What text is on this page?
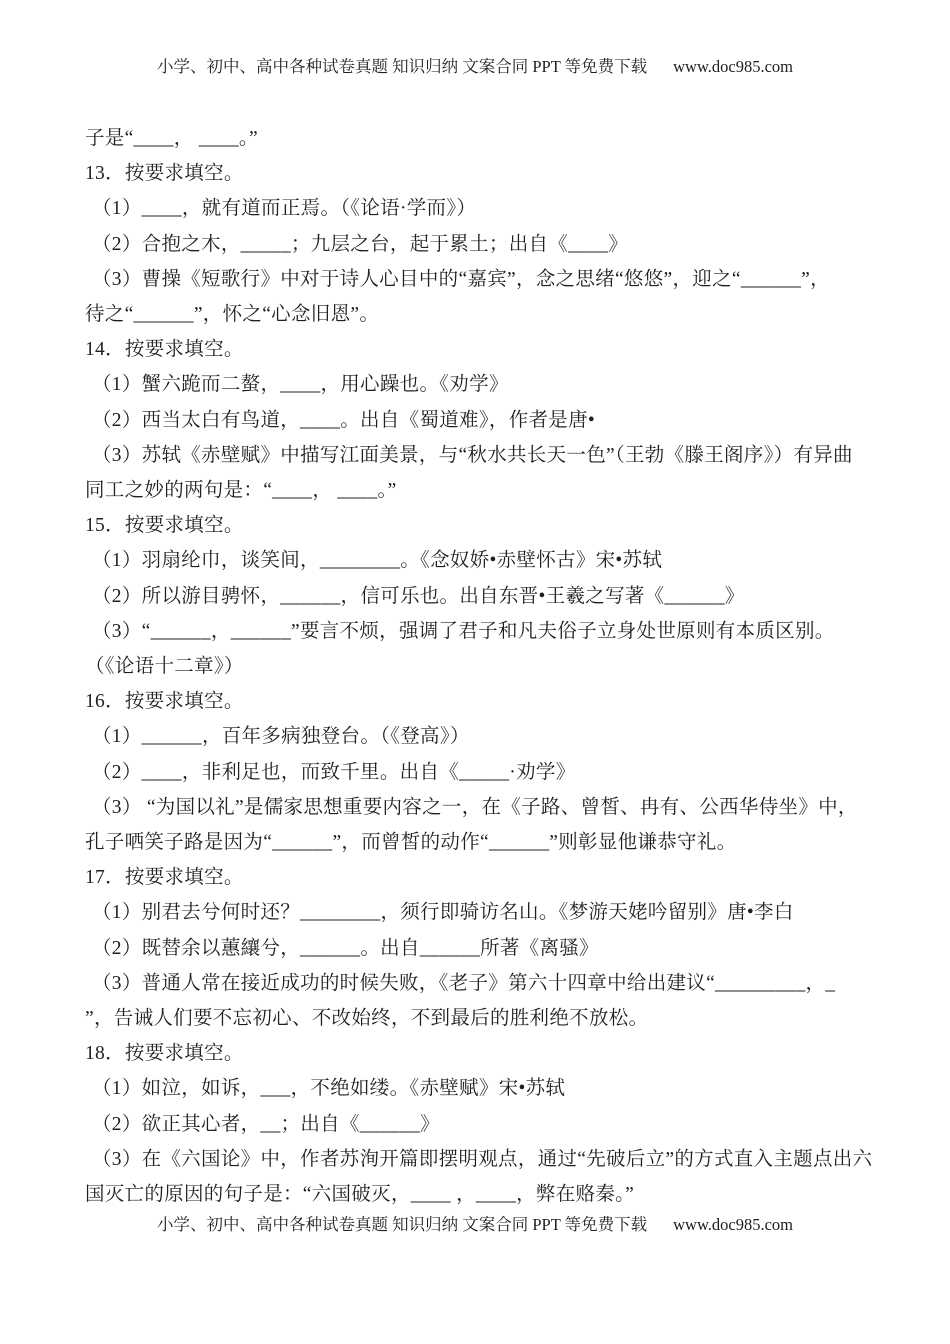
小学、初中、高中各种试卷真题 知识归纳 文案合同 PPT 等免费下载 www.doc985.com
子是“____， ____。”
13．按要求填空。
（1）____，就有道而正焉。（《论语·学而》）
（2）合抱之木，_____；九层之台，起于累土；出自《____》
（3）曹操《短歌行》中对于诗人心目中的“嘉宾”，念之思绪“悠悠”，迎之“______”，
待之“______”，怀之“心念旧恩”。
14．按要求填空。
（1）蟹六跪而二螯，____，用心躁也。《劝学》
（2）西当太白有鸟道，____。出自《蜀道难》，作者是唐•
（3）苏轼《赤壁赋》中描写江面美景，与“秋水共长天一色”（王勃《滕王阁序》）有异曲
同工之妙的两句是：“____， ____。”
15．按要求填空。
（1）羽扇纶巾，谈笑间，________。《念奴娇•赤壁怀古》宋•苏轼
（2）所以游目骋怀，______，信可乐也。出自东晋•王羲之写著《______》
（3）“______，______”要言不烦，强调了君子和凡夫俗子立身处世原则有本质区别。
（《论语十二章》）
16．按要求填空。
（1）______，百年多病独登台。（《登高》）
（2）____，非利足也，而致千里。出自《_____·劝学》
（3） “为国以礼”是儒家思想重要内容之一，在《子路、曾皙、冉有、公西华侍坐》中，
孔子哂笑子路是因为“______”，而曾皙的动作“______”则彰显他谦恭守礼。
17．按要求填空。
（1）别君去兮何时还？________，须行即骑访名山。《梦游天姥吟留别》唐•李白
（2）既替余以蕙纕兮，______。出自______所著《离骚》
（3）普通人常在接近成功的时候失败，《老子》第六十四章中给出建议“_________，_
”，告诫人们要不忘初心、不改始终，不到最后的胜利绝不放松。
18．按要求填空。
（1）如泣，如诉，___，不绝如缕。《赤壁赋》宋•苏轼
（2）欲正其心者，__；出自《______》
（3）在《六国论》中，作者苏洵开篇即摆明观点，通过“先破后立”的方式直入主题点出六
国灭亡的原因的句子是：“六国破灭，____ ，____，弊在赂秦。”
小学、初中、高中各种试卷真题 知识归纳 文案合同 PPT 等免费下载 www.doc985.com
